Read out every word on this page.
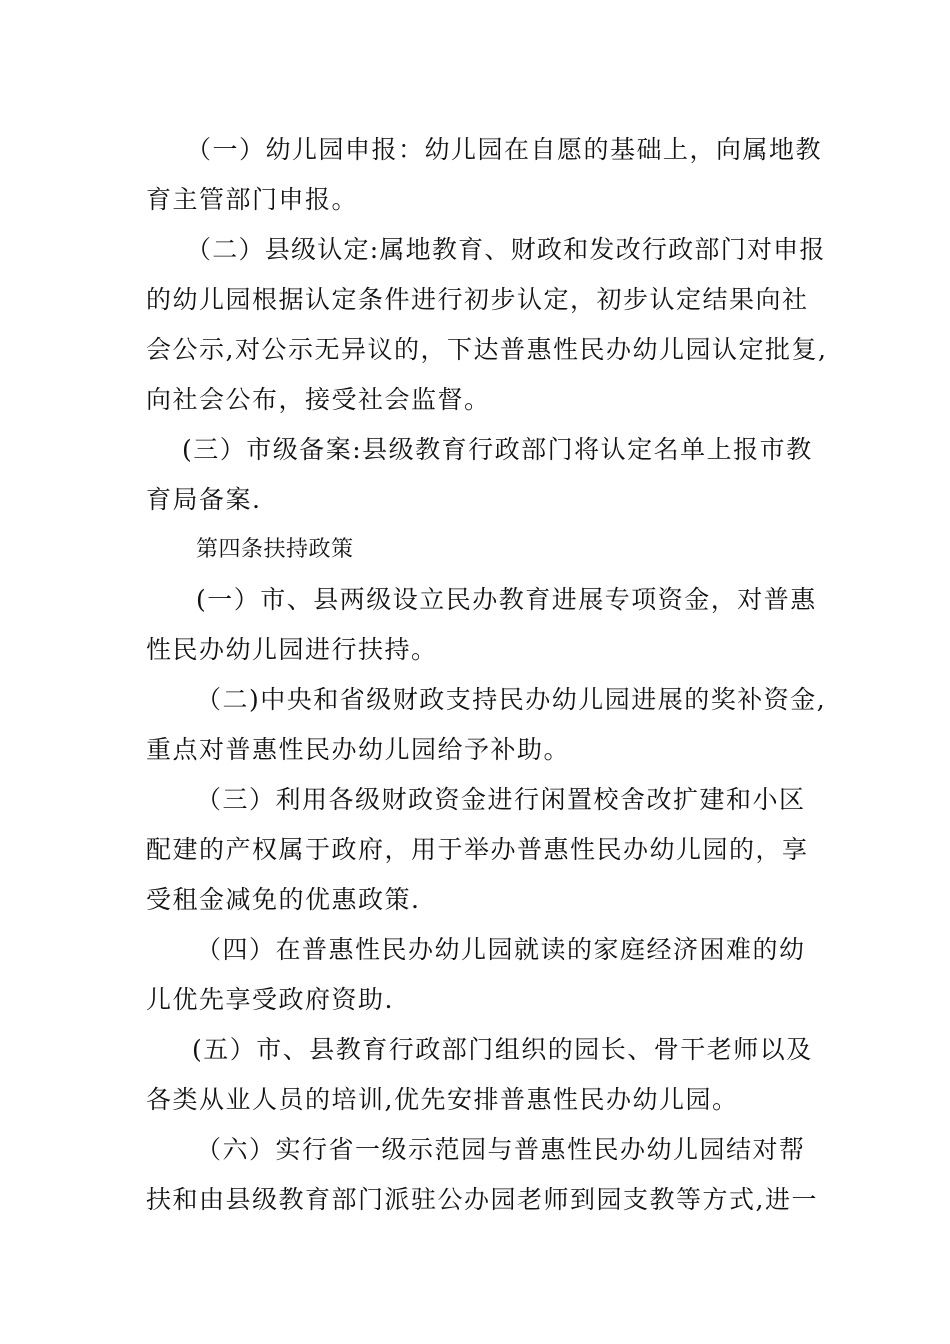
（一）幼儿园申报：幼儿园在自愿的基础上，向属地教
育主管部门申报。
（二）县级认定:属地教育、财政和发改行政部门对申报
的幼儿园根据认定条件进行初步认定，初步认定结果向社
会公示,对公示无异议的，下达普惠性民办幼儿园认定批复,
向社会公布，接受社会监督。
(三）市级备案:县级教育行政部门将认定名单上报市教
育局备案.
第四条扶持政策
(一）市、县两级设立民办教育进展专项资金，对普惠
性民办幼儿园进行扶持。
（二)中央和省级财政支持民办幼儿园进展的奖补资金,
重点对普惠性民办幼儿园给予补助。
（三）利用各级财政资金进行闲置校舍改扩建和小区
配建的产权属于政府，用于举办普惠性民办幼儿园的，享
受租金减免的优惠政策.
（四）在普惠性民办幼儿园就读的家庭经济困难的幼
儿优先享受政府资助.
(五）市、县教育行政部门组织的园长、骨干老师以及
各类从业人员的培训,优先安排普惠性民办幼儿园。
（六）实行省一级示范园与普惠性民办幼儿园结对帮
扶和由县级教育部门派驻公办园老师到园支教等方式,进一
